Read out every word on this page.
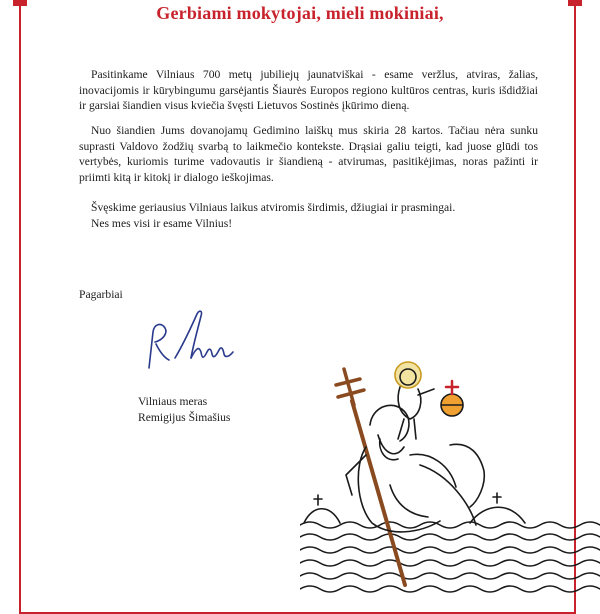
Gerbiami mokytojai, mieli mokiniai,

Pasitinkame Vilniaus 700 metų jubiliejų jaunatviškai - esame veržlus, atviras, žalias, inovacijomis ir kūrybingumu garsėjantis Šiaurės Europos regiono kultūros centras, kuris išdidžiai ir garsiai šiandien visus kviečia švęsti Lietuvos Sostinės įkūrimo dieną.

Nuo šiandien Jums dovanojamų Gedimino laiškų mus skiria 28 kartos. Tačiau nėra sunku suprasti Valdovo žodžių svarbą to laikmečio kontekste. Drąsiai galiu teigti, kad juose glūdi tos vertybės, kuriomis turime vadovautis ir šiandieną - atvirumas, pasitikėjimas, noras pažinti ir priimti kitą ir kitokį ir dialogo ieškojimas.

Švęskime geriausius Vilniaus laikus atviromis širdimis, džiugiai ir prasmingai.

Nes mes visi ir esame Vilnius!

Pagarbiai
Vilniaus meras
Remigijus Šimašius
